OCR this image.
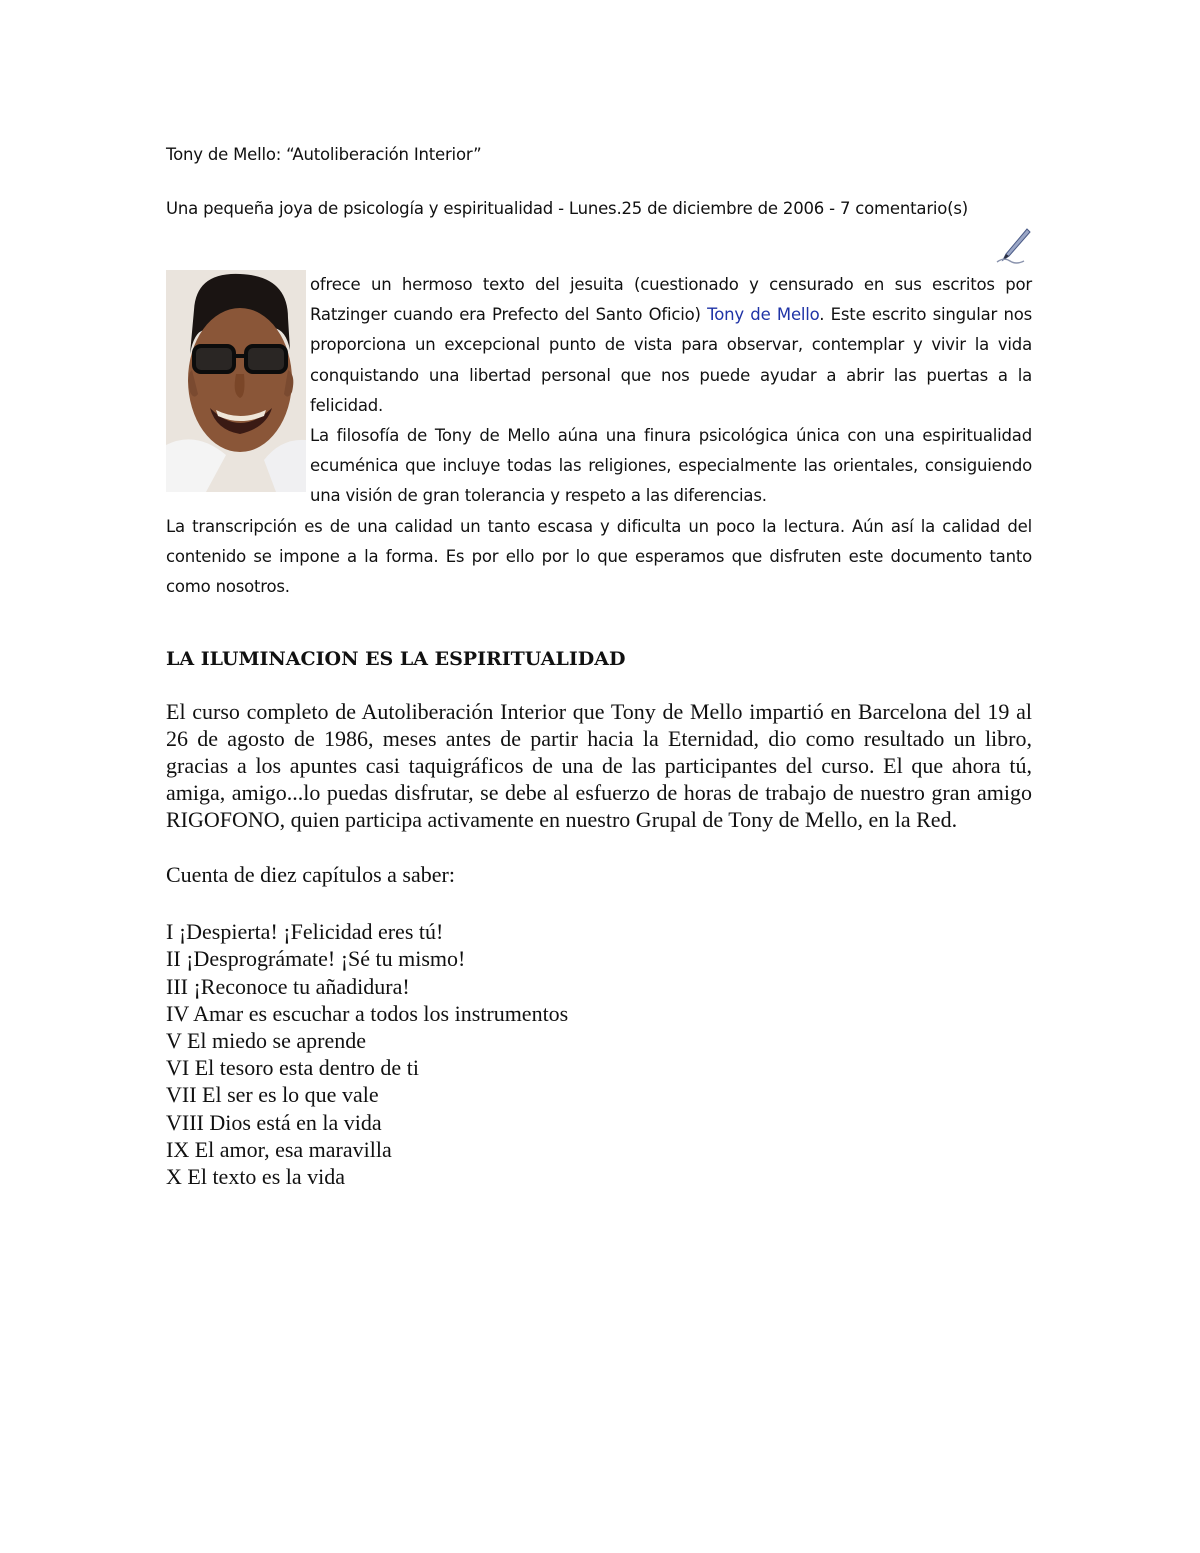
Tony de Mello: “Autoliberación Interior”

Una pequeña joya de psicología y espiritualidad - Lunes.25 de diciembre de 2006 - 7 comentario(s)

ofrece un hermoso texto del jesuita (cuestionado y censurado en sus escritos por Ratzinger cuando era Prefecto del Santo Oficio) Tony de Mello. Este escrito singular nos proporciona un excepcional punto de vista para observar, contemplar y vivir la vida conquistando una libertad personal que nos puede ayudar a abrir las puertas a la felicidad.

La filosofía de Tony de Mello aúna una finura psicológica única con una espiritualidad ecuménica que incluye todas las religiones, especialmente las orientales, consiguiendo una visión de gran tolerancia y respeto a las diferencias.

La transcripción es de una calidad un tanto escasa y dificulta un poco la lectura. Aún así la calidad del contenido se impone a la forma. Es por ello por lo que esperamos que disfruten este documento tanto como nosotros.

LA ILUMINACION ES LA ESPIRITUALIDAD

El curso completo de Autoliberación Interior que Tony de Mello impartió en Barcelona del 19 al 26 de agosto de 1986, meses antes de partir hacia la Eternidad, dio como resultado un libro, gracias a los apuntes casi taquigráficos de una de las participantes del curso. El que ahora tú, amiga, amigo...lo puedas disfrutar, se debe al esfuerzo de horas de trabajo de nuestro gran amigo RIGOFONO, quien participa activamente en nuestro Grupal de Tony de Mello, en la Red.

Cuenta de diez capítulos a saber:

I ¡Despierta! ¡Felicidad eres tú!
II ¡Desprográmate! ¡Sé tu mismo!
III ¡Reconoce tu añadidura!
IV Amar es escuchar a todos los instrumentos
V El miedo se aprende
VI El tesoro esta dentro de ti
VII El ser es lo que vale
VIII Dios está en la vida
IX El amor, esa maravilla
X El texto es la vida
